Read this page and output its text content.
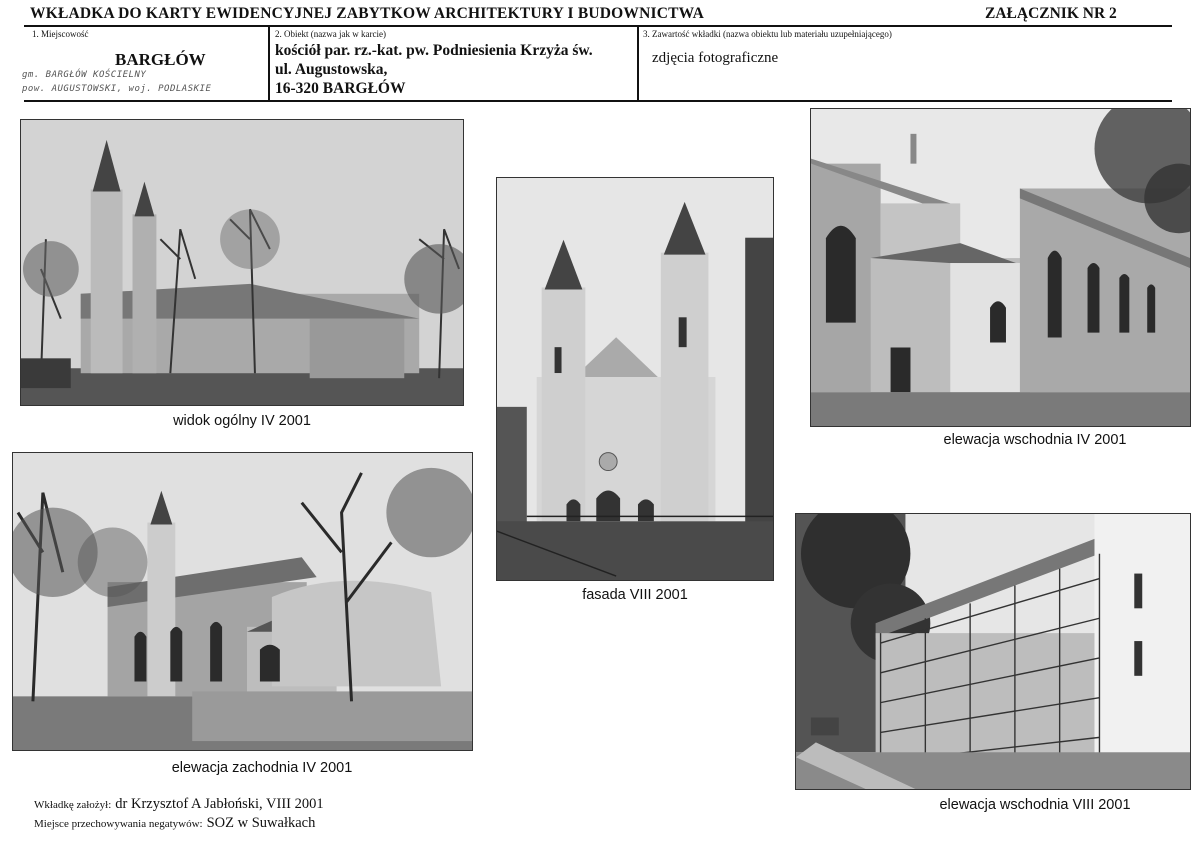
WKŁADKA DO KARTY EWIDENCYJNEJ ZABYTKOW ARCHITEKTURY I BUDOWNICTWA	ZAŁĄCZNIK NR 2
1. Miejscowość
BARGŁÓW
gm. BARGŁÓW KOŚCIELNY
pow. AUGUSTOWSKI, woj. PODLASKIE
2. Obiekt (nazwa jak w karcie)
kościół par. rz.-kat. pw. Podniesienia Krzyża św.
ul. Augustowska,
16-320 BARGŁÓW
3. Zawartość wkładki (nazwa obiektu lub materiału uzupełniającego)
zdjęcia fotograficzne
widok ogólny IV 2001
fasada VIII 2001
elewacja wschodnia IV 2001
elewacja zachodnia IV 2001
elewacja wschodnia VIII 2001
Wkładkę założył: dr Krzysztof A Jabłoński, VIII 2001
Miejsce przechowywania negatywów: SOZ w Suwałkach
